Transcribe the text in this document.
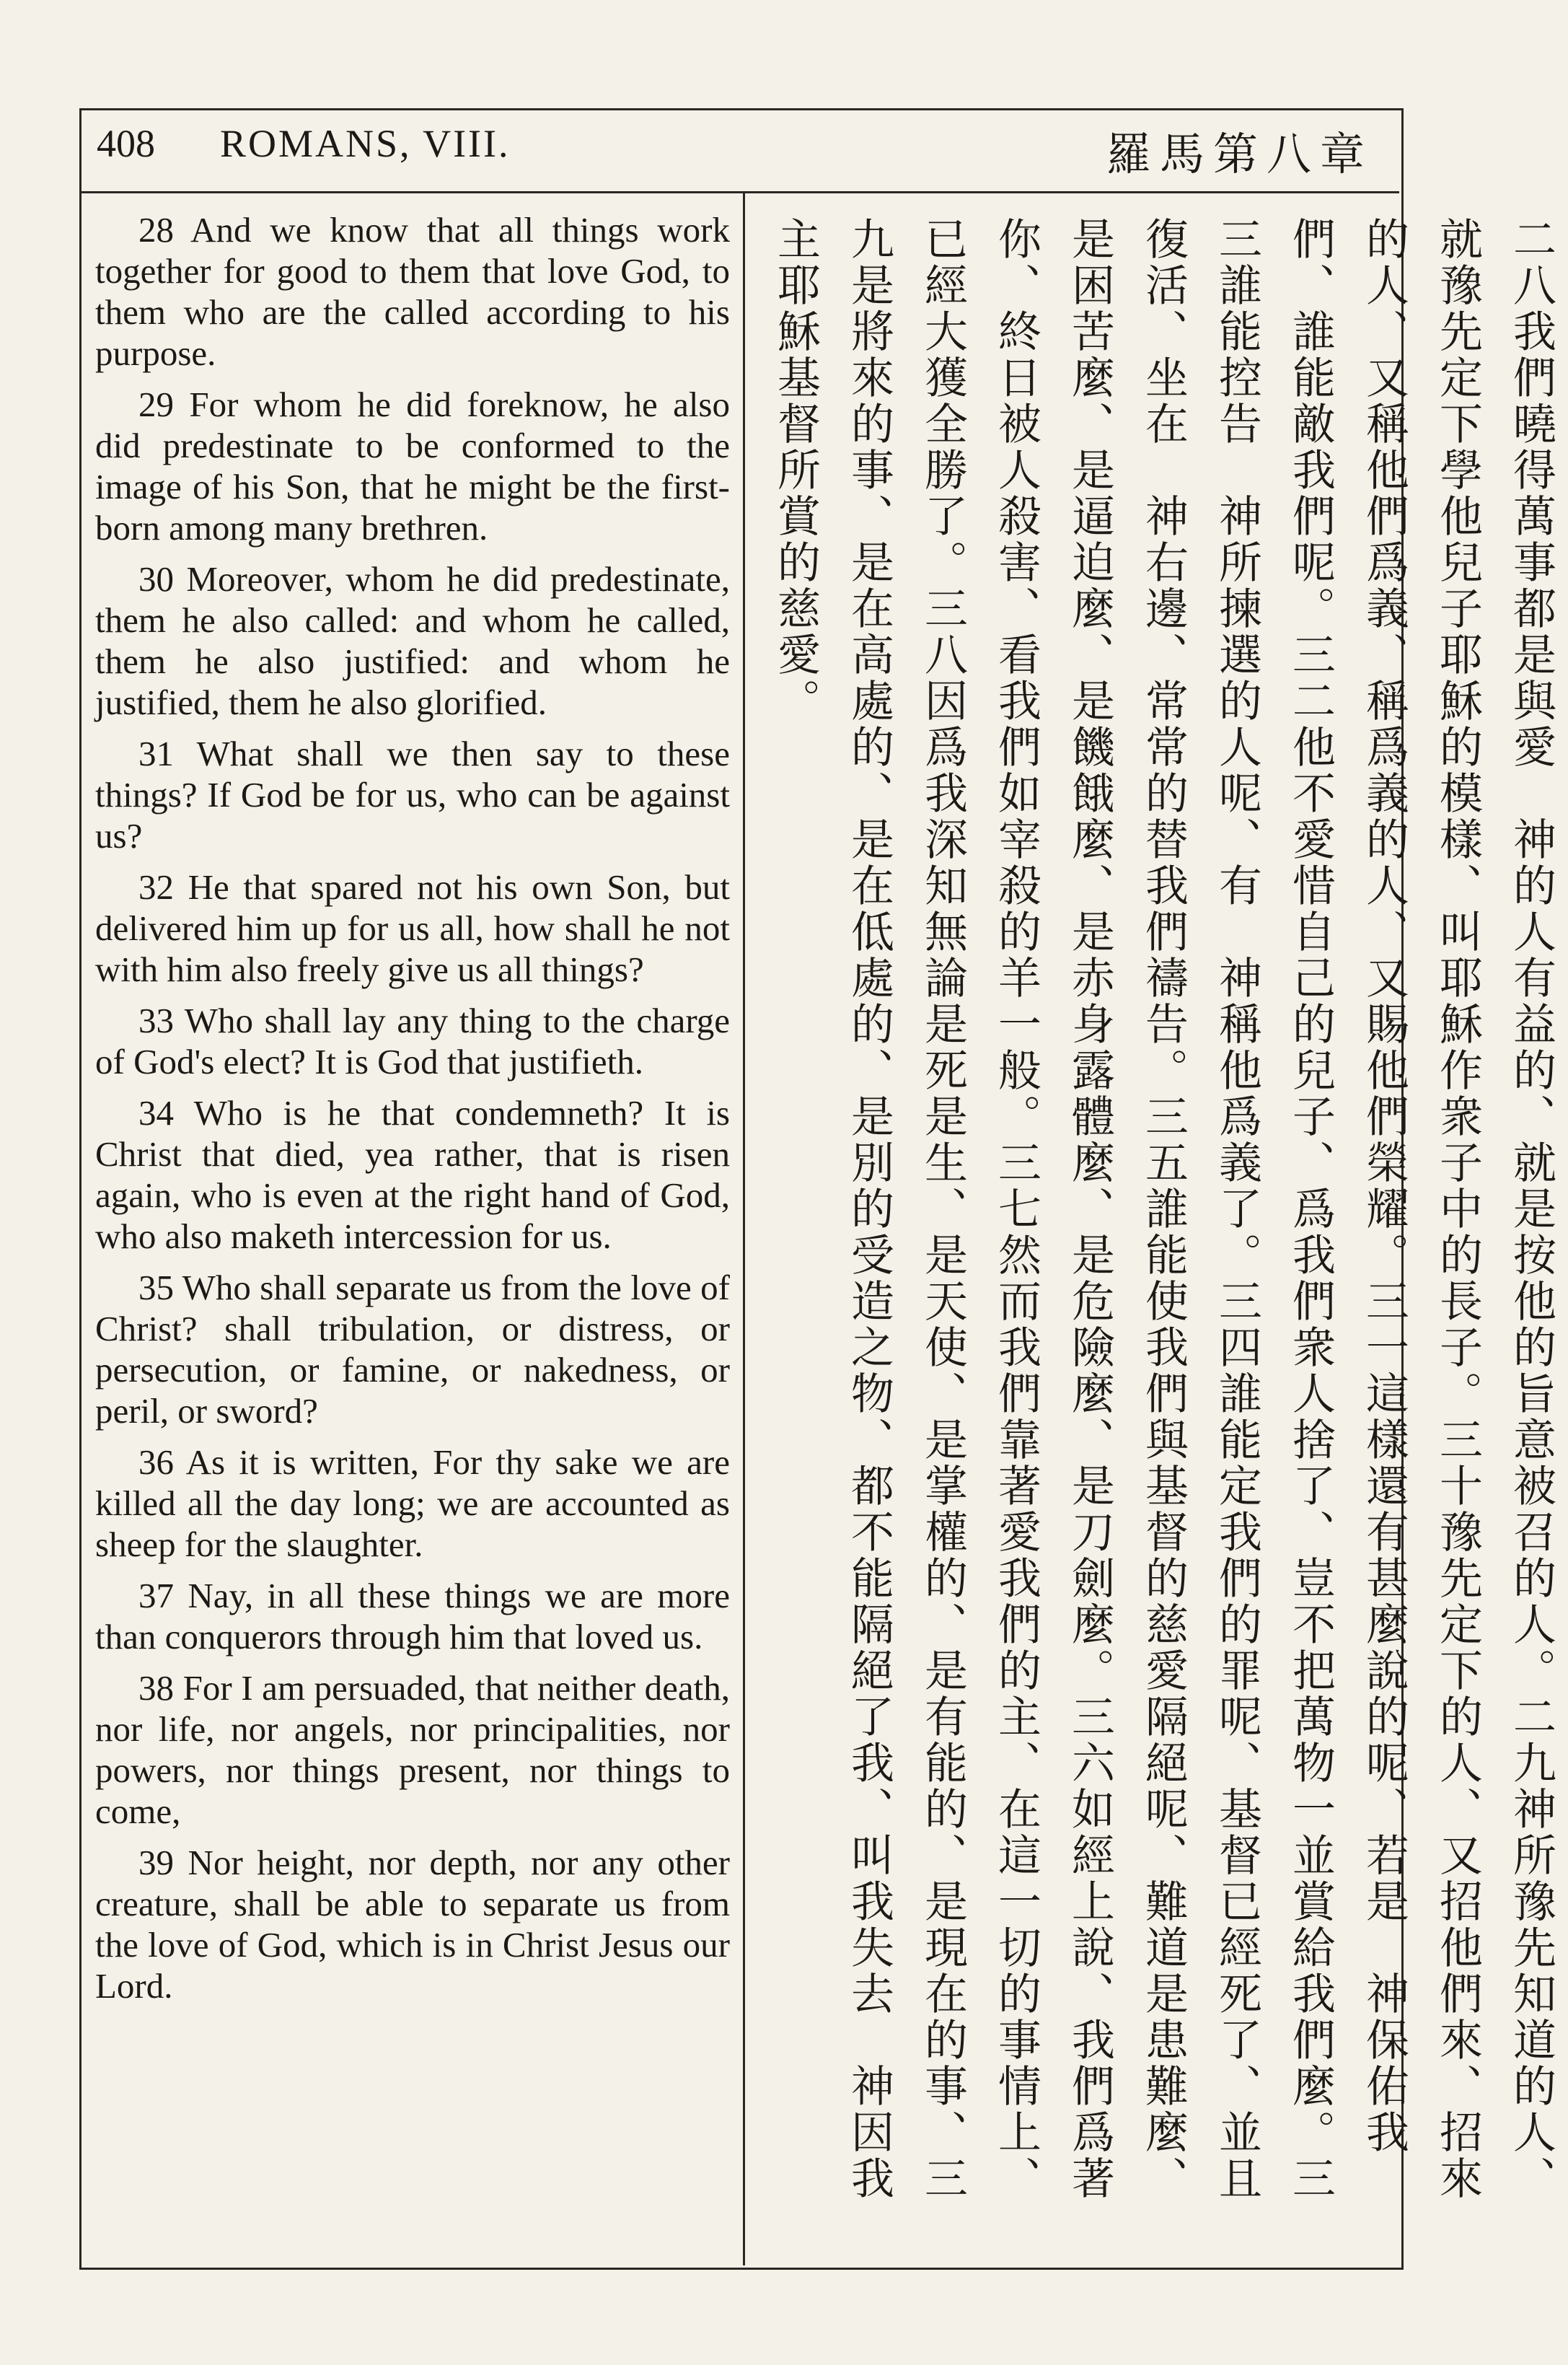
408 ROMANS, VIII.	羅馬第八章

28 And we know that all things work together for good to them that love God, to them who are the called according to his purpose.

29 For whom he did foreknow, he also did predestinate to be conformed to the image of his Son, that he might be the first-born among many brethren.

30 Moreover, whom he did predestinate, them he also called: and whom he called, them he also justified: and whom he justified, them he also glorified.

31 What shall we then say to these things? If God be for us, who can be against us?

32 He that spared not his own Son, but delivered him up for us all, how shall he not with him also freely give us all things?

33 Who shall lay any thing to the charge of God's elect? It is God that justifieth.

34 Who is he that condemneth? It is Christ that died, yea rather, that is risen again, who is even at the right hand of God, who also maketh intercession for us.

35 Who shall separate us from the love of Christ? shall tribulation, or distress, or persecution, or famine, or nakedness, or peril, or sword?

36 As it is written, For thy sake we are killed all the day long; we are accounted as sheep for the slaughter.

37 Nay, in all these things we are more than conquerors through him that loved us.

38 For I am persuaded, that neither death, nor life, nor angels, nor principalities, nor powers, nor things present, nor things to come,

39 Nor height, nor depth, nor any other creature, shall be able to separate us from the love of God, which is in Christ Jesus our Lord.	二八我們曉得萬事都是與愛　神的人有益的、就是按他的旨意被召的人。二九神所豫先知道的人、就豫先定下學他兒子耶穌的模樣、叫耶穌作衆子中的長子。三十豫先定下的人、又招他們來、招來的人、又稱他們爲義、稱爲義的人、又賜他們榮耀。三一這樣還有甚麼說的呢、若是　神保佑我們、誰能敵我們呢。三二他不愛惜自己的兒子、爲我們衆人捨了、豈不把萬物一並賞給我們麼。三三誰能控告　神所揀選的人呢、有　神稱他爲義了。三四誰能定我們的罪呢、基督已經死了、並且復活、坐在　神右邊、常常的替我們禱告。三五誰能使我們與基督的慈愛隔絕呢、難道是患難麼、是困苦麼、是逼迫麼、是饑餓麼、是赤身露體麼、是危險麼、是刀劍麼。三六如經上說、我們爲著你、終日被人殺害、看我們如宰殺的羊一般。三七然而我們靠著愛我們的主、在這一切的事情上、已經大獲全勝了。三八因爲我深知無論是死是生、是天使、是掌權的、是有能的、是現在的事、三九是將來的事、是在高處的、是在低處的、是別的受造之物、都不能隔絕了我、叫我失去　神因我主耶穌基督所賞的慈愛。
